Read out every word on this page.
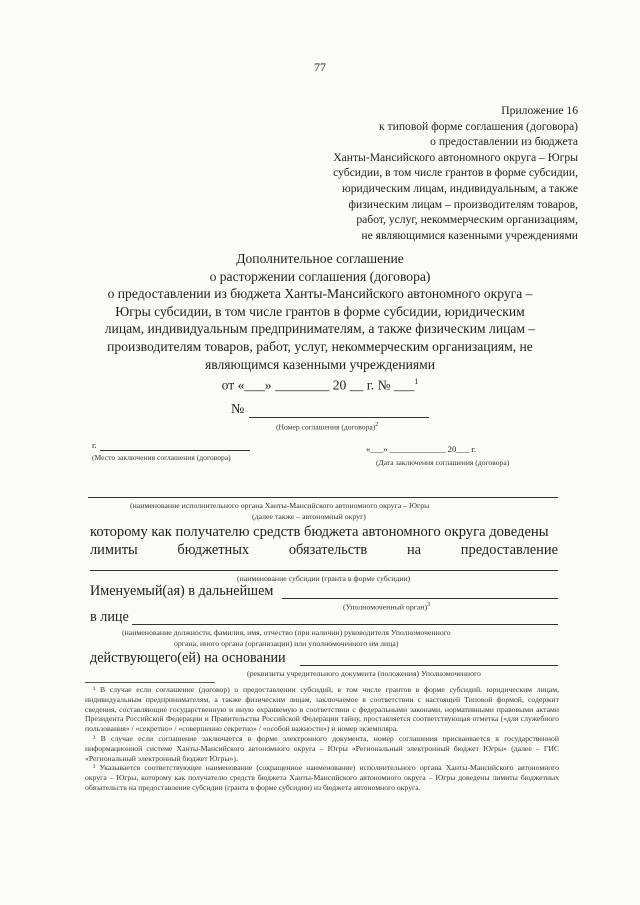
77
Приложение 16
к типовой форме соглашения (договора)
о предоставлении из бюджета
Ханты-Мансийского автономного округа – Югры
субсидии, в том числе грантов в форме субсидии,
юридическим лицам, индивидуальным, а также
физическим лицам – производителям товаров,
работ, услуг, некоммерческим организациям,
не являющимися казенными учреждениями
Дополнительное соглашение
о расторжении соглашения (договора)
о предоставлении из бюджета Ханты-Мансийского автономного округа –
Югры субсидии, в том числе грантов в форме субсидии, юридическим
лицам, индивидуальным предпринимателям, а также физическим лицам –
производителям товаров, работ, услуг, некоммерческим организациям, не
являющимся казенными учреждениями
от «___» ________ 20 __ г. № ___$^1$
№
(Номер соглашения (договора)$^2$
г.
(Место заключения соглашения (договора)
«___» _____________ 20___ г.
(Дата заключения соглашения (договора)
(наименование исполнительного органа Ханты-Мансийского автономного округа – Югры
(далее также – автономный округ)
которому как получателю средств бюджета автономного округа доведены
лимиты	бюджетных	обязательств	на	предоставление
(наименование субсидии (гранта в форме субсидии)
Именуемый(ая) в дальнейшем
(Уполномоченный орган)$^3$
в лице
(наименование должности, фамилия, имя, отчество (при наличии) руководителя Уполномоченного
органа, иного органа (организации) или уполномоченного им лица)
действующего(ей) на основании
(реквизиты учредительного документа (положения) Уполномоченного

¹ В случае если соглашение (договор) о предоставлении субсидий, в том числе грантов в форме субсидий, юридическим лицам, индивидуальным предпринимателям, а также физическим лицам, заключаемое в соответствии с настоящей Типовой формой, содержит сведения, составляющие государственную и иную охраняемую в соответствии с федеральными законами, нормативными правовыми актами Президента Российской Федерации и Правительства Российской Федерации тайну, проставляется соответствующая отметка («для служебного пользования» / «секретно» / «совершенно секретно» / «особой важности») и номер экземпляра.

² В случае если соглашение заключается в форме электронного документа, номер соглашения присваивается в государственной информационной системе Ханты-Мансийского автономного округа – Югры «Региональный электронный бюджет Югры» (далее – ГИС «Региональный электронный бюджет Югры»).

³ Указывается соответствующее наименование (сокращенное наименование) исполнительного органа Ханты-Мансийского автономного округа – Югры, которому как получателю средств бюджета Ханты-Мансийского автономного округа – Югры доведены лимиты бюджетных обязательств на предоставление субсидии (гранта в форме субсидии) из бюджета автономного округа.
